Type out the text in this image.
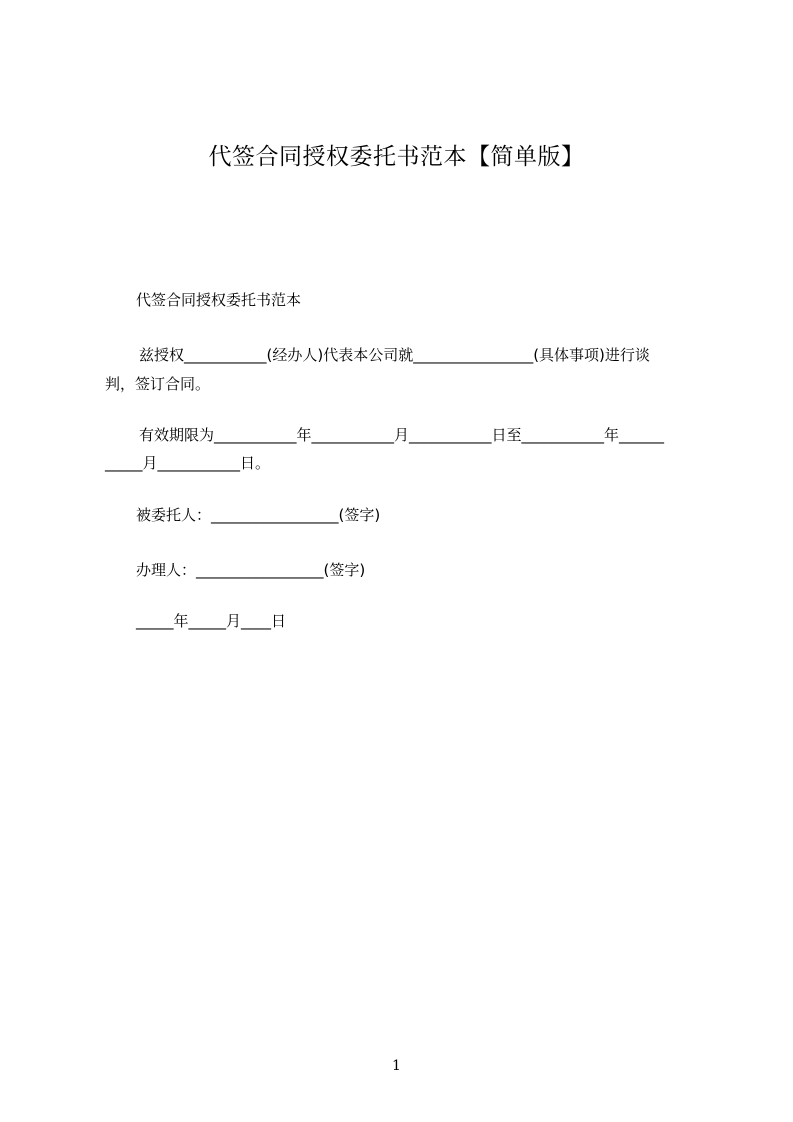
代签合同授权委托书范本【简单版】
代签合同授权委托书范本
兹授权___________(经办人)代表本公司就________________(具体事项)进行谈
判，签订合同。
有效期限为___________年___________月___________日至___________年______
_____月___________日。
被委托人：_________________(签字)
办理人：_________________(签字)
_____年_____月____日
1
